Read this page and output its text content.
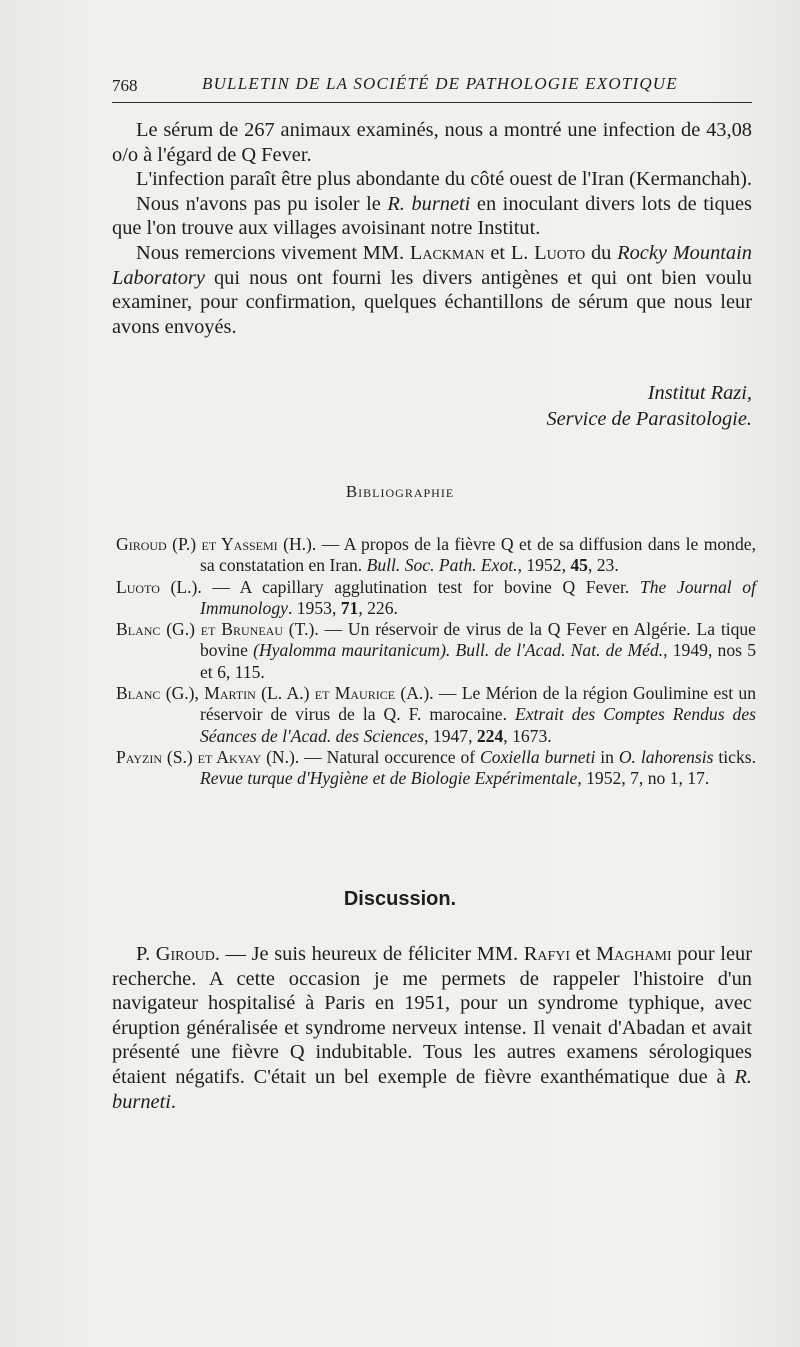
768	BULLETIN DE LA SOCIÉTÉ DE PATHOLOGIE EXOTIQUE

Le sérum de 267 animaux examinés, nous a montré une infection de 43,08 o/o à l'égard de Q Fever.

L'infection paraît être plus abondante du côté ouest de l'Iran (Kermanchah).

Nous n'avons pas pu isoler le R. burneti en inoculant divers lots de tiques que l'on trouve aux villages avoisinant notre Institut.

Nous remercions vivement MM. Lackman et L. Luoto du Rocky Mountain Laboratory qui nous ont fourni les divers antigènes et qui ont bien voulu examiner, pour confirmation, quelques échantillons de sérum que nous leur avons envoyés.

Institut Razi,
Service de Parasitologie.
Bibliographie
Giroud (P.) et Yassemi (H.). — A propos de la fièvre Q et de sa diffusion dans le monde, sa constatation en Iran. Bull. Soc. Path. Exot., 1952, 45, 23.
Luoto (L.). — A capillary agglutination test for bovine Q Fever. The Journal of Immunology. 1953, 71, 226.
Blanc (G.) et Bruneau (T.). — Un réservoir de virus de la Q Fever en Algérie. La tique bovine (Hyalomma mauritanicum). Bull. de l'Acad. Nat. de Méd., 1949, nos 5 et 6, 115.
Blanc (G.), Martin (L. A.) et Maurice (A.). — Le Mérion de la région Goulimine est un réservoir de virus de la Q. F. marocaine. Extrait des Comptes Rendus des Séances de l'Acad. des Sciences, 1947, 224, 1673.
Payzin (S.) et Akyay (N.). — Natural occurence of Coxiella burneti in O. lahorensis ticks. Revue turque d'Hygiène et de Biologie Expérimentale, 1952, 7, no 1, 17.
Discussion.

P. Giroud. — Je suis heureux de féliciter MM. Rafyi et Maghami pour leur recherche. A cette occasion je me permets de rappeler l'histoire d'un navigateur hospitalisé à Paris en 1951, pour un syndrome typhique, avec éruption généralisée et syndrome nerveux intense. Il venait d'Abadan et avait présenté une fièvre Q indubitable. Tous les autres examens sérologiques étaient négatifs. C'était un bel exemple de fièvre exanthématique due à R. burneti.
